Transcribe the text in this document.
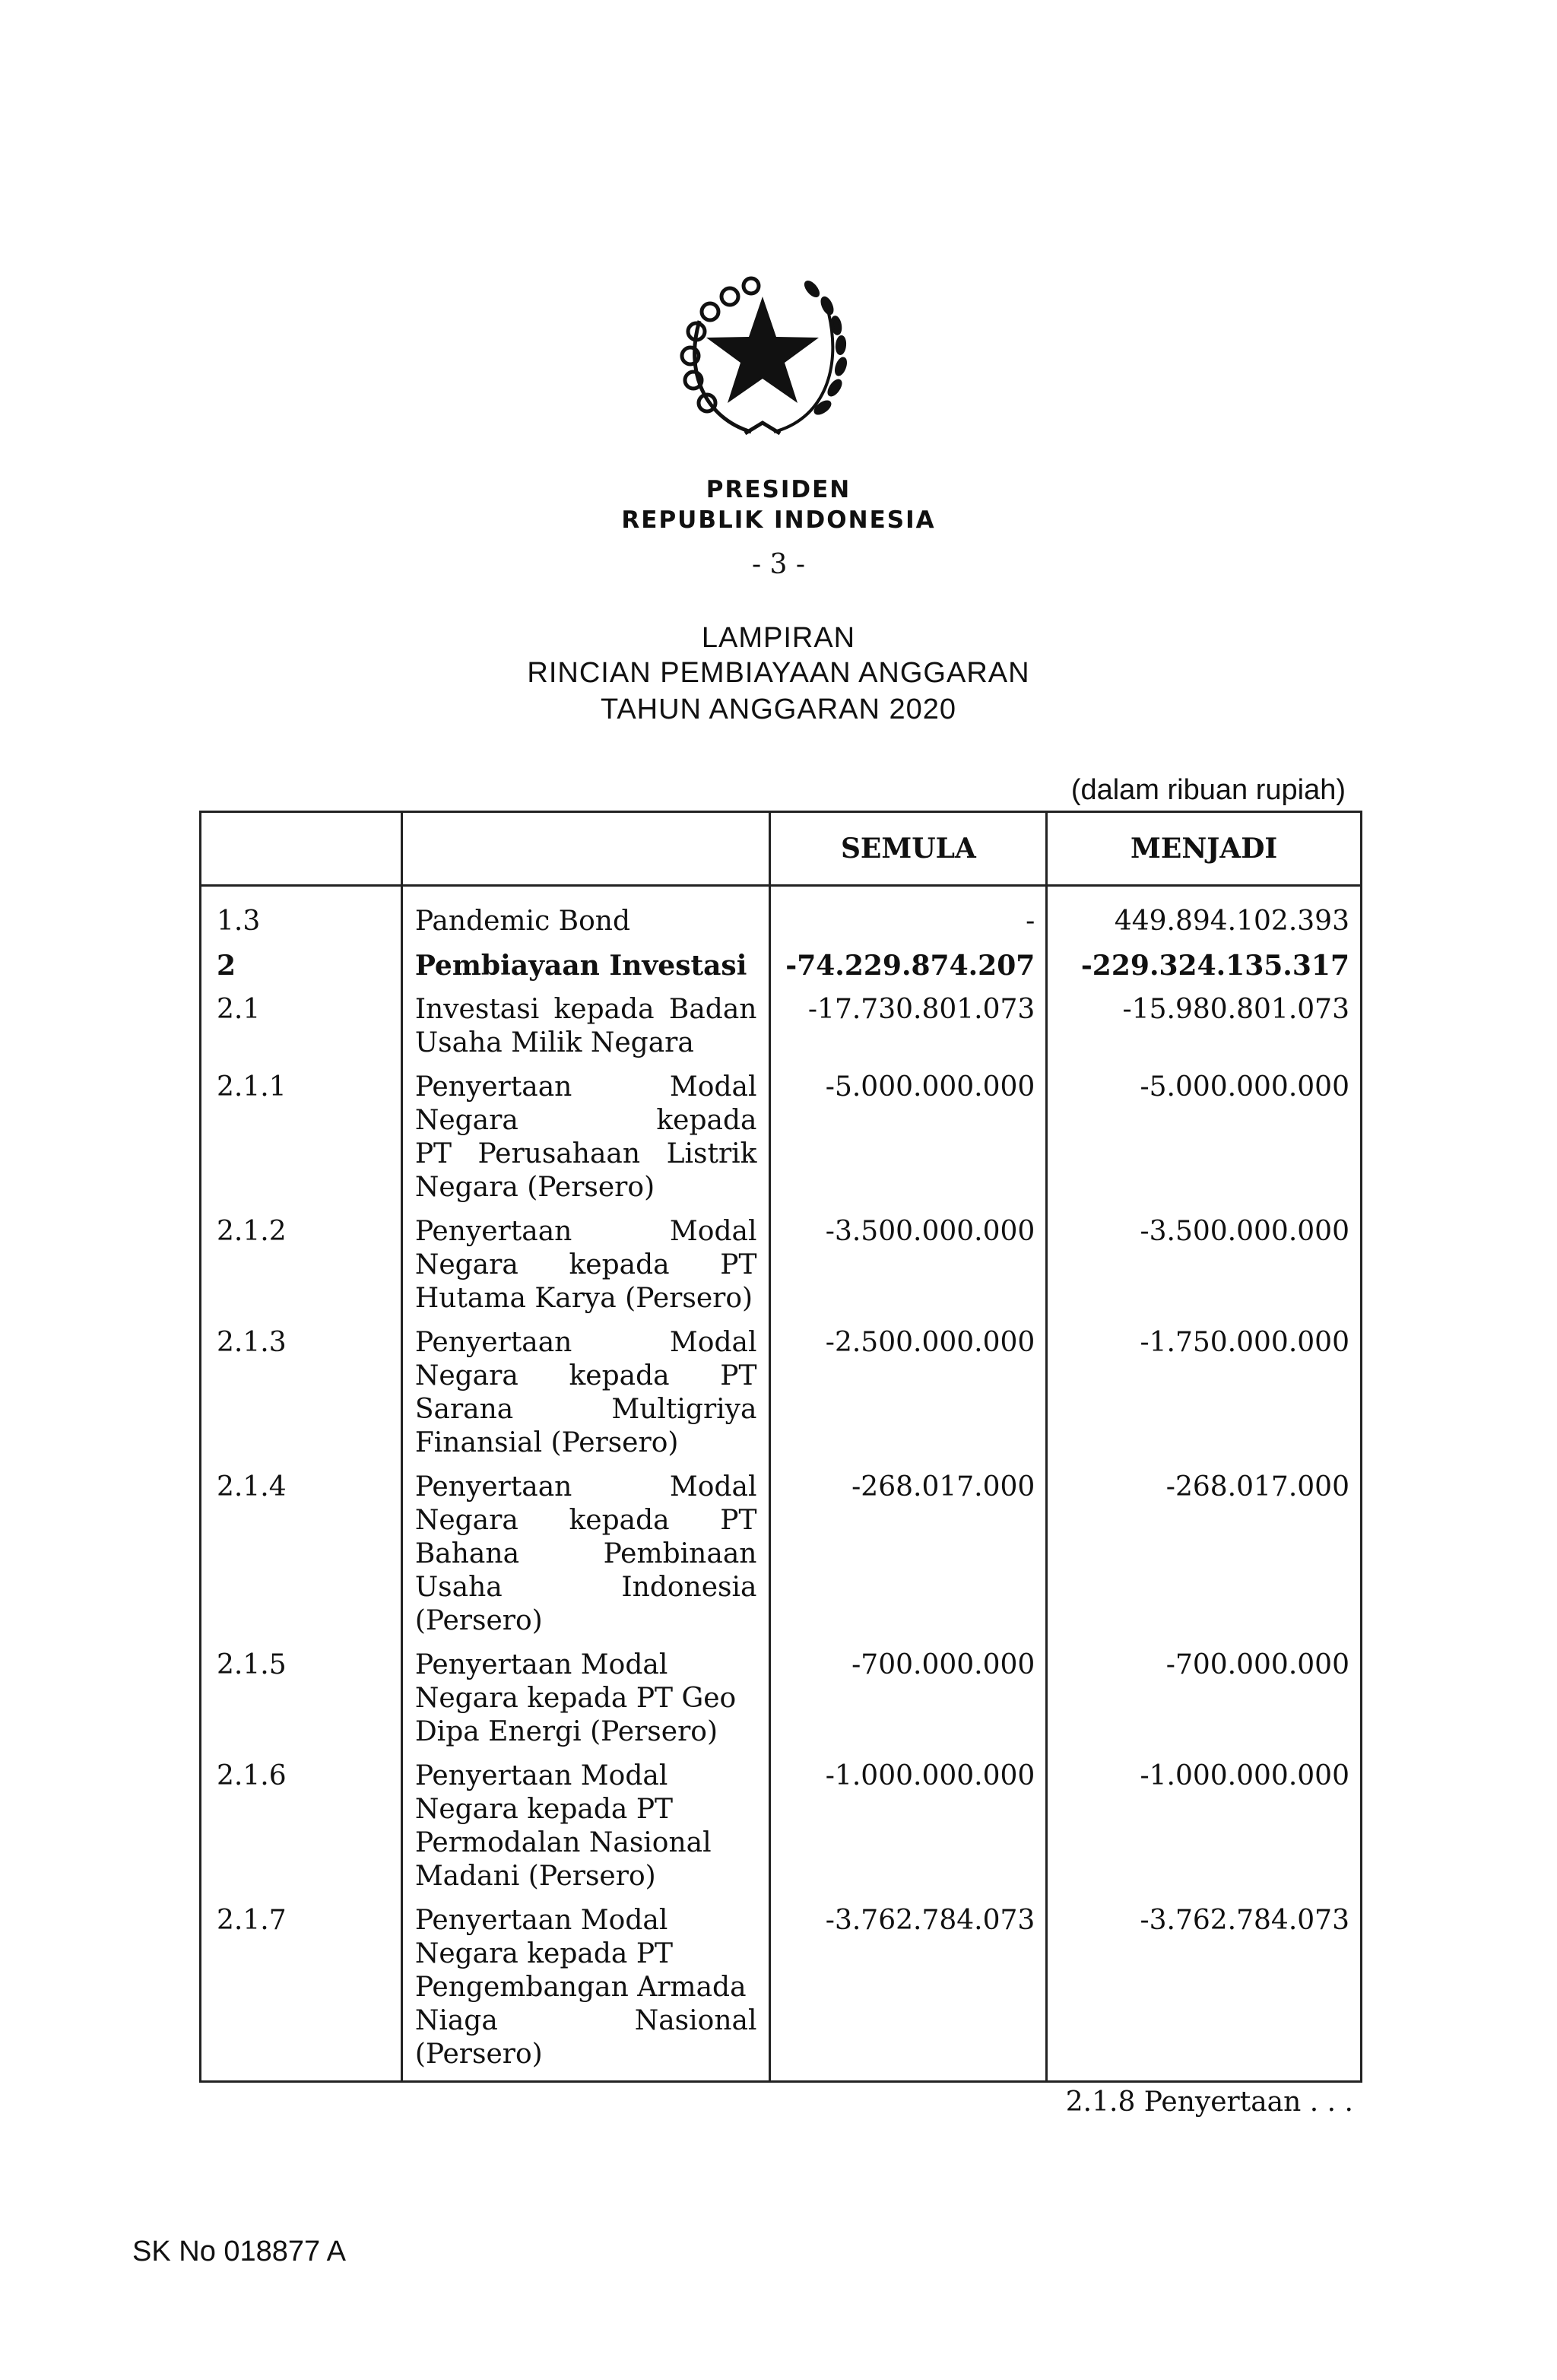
PRESIDEN
REPUBLIK INDONESIA
- 3 -
LAMPIRAN
RINCIAN PEMBIAYAAN ANGGARAN
TAHUN ANGGARAN 2020
(dalam ribuan rupiah)
		SEMULA	MENJADI
1.3	Pandemic Bond	-	449.894.102.393
2	Pembiayaan Investasi	-74.229.874.207	-229.324.135.317
2.1	Investasi kepada Badan
Usaha Milik Negara	-17.730.801.073	-15.980.801.073
2.1.1	Penyertaan Modal
Negara kepada
PT Perusahaan Listrik
Negara (Persero)	-5.000.000.000	-5.000.000.000
2.1.2	Penyertaan Modal
Negara kepada PT
Hutama Karya (Persero)	-3.500.000.000	-3.500.000.000
2.1.3	Penyertaan Modal
Negara kepada PT
Sarana Multigriya
Finansial (Persero)	-2.500.000.000	-1.750.000.000
2.1.4	Penyertaan Modal
Negara kepada PT
Bahana Pembinaan
Usaha Indonesia
(Persero)	-268.017.000	-268.017.000
2.1.5	Penyertaan Modal
Negara kepada PT Geo
Dipa Energi (Persero)	-700.000.000	-700.000.000
2.1.6	Penyertaan Modal
Negara kepada PT
Permodalan Nasional
Madani (Persero)	-1.000.000.000	-1.000.000.000
2.1.7	Penyertaan Modal
Negara kepada PT
Pengembangan Armada
Niaga Nasional (Persero)	-3.762.784.073	-3.762.784.073
2.1.8 Penyertaan . . .
SK No 018877 A
